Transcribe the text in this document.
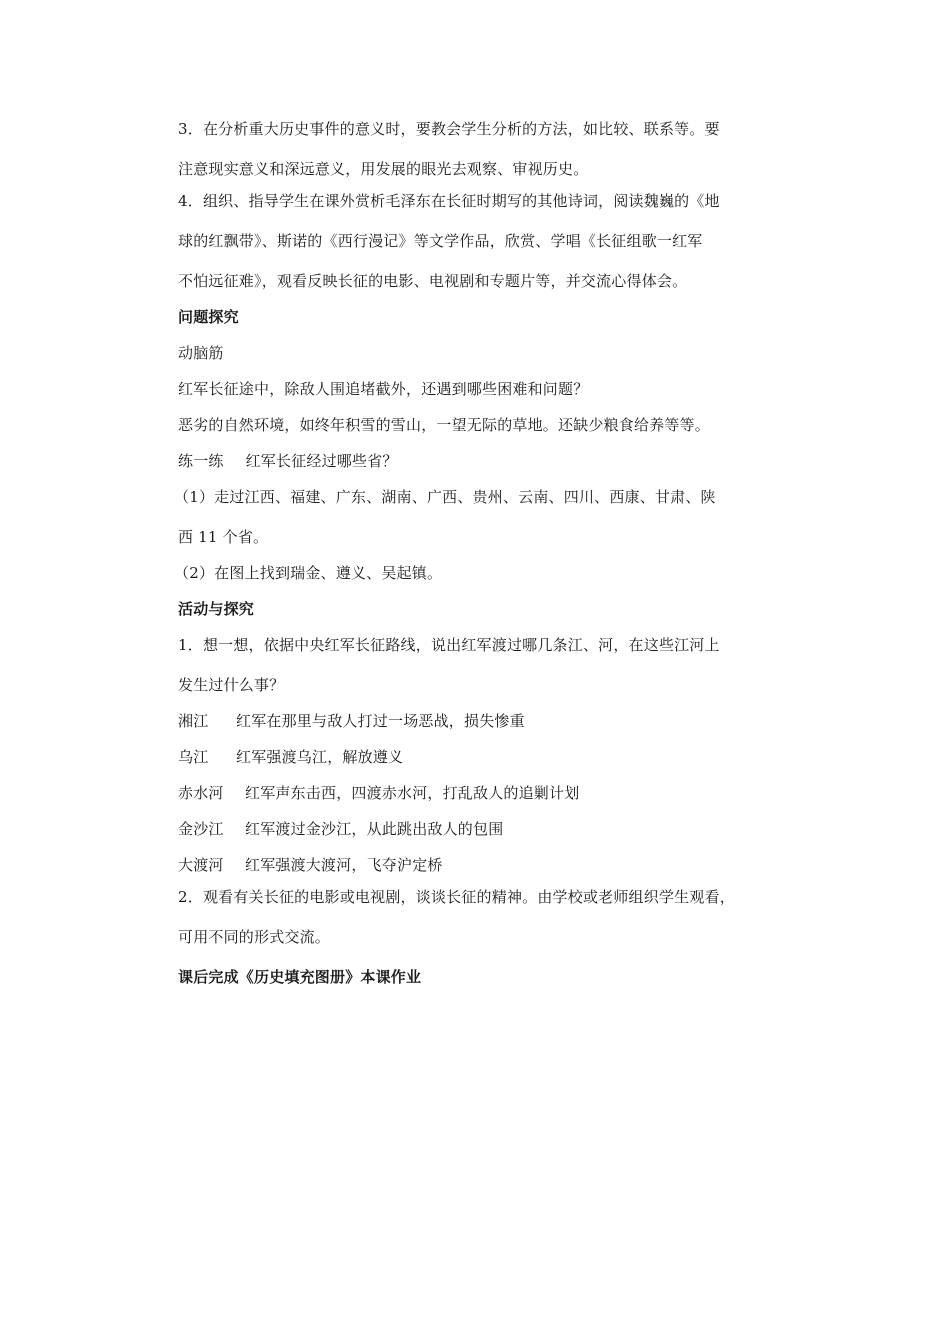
3．在分析重大历史事件的意义时，要教会学生分析的方法，如比较、联系等。要
注意现实意义和深远意义，用发展的眼光去观察、审视历史。
4．组织、指导学生在课外赏析毛泽东在长征时期写的其他诗词，阅读魏巍的《地
球的红飘带》、斯诺的《西行漫记》等文学作品，欣赏、学唱《长征组歌一红军
不怕远征难》，观看反映长征的电影、电视剧和专题片等，并交流心得体会。
问题探究
动脑筋
红军长征途中，除敌人围追堵截外，还遇到哪些困难和问题？
恶劣的自然环境，如终年积雪的雪山，一望无际的草地。还缺少粮食给养等等。
练一练 红军长征经过哪些省？
（1）走过江西、福建、广东、湖南、广西、贵州、云南、四川、西康、甘肃、陕
西 11 个省。
（2）在图上找到瑞金、遵义、吴起镇。
活动与探究
1．想一想，依据中央红军长征路线，说出红军渡过哪几条江、河，在这些江河上
发生过什么事？
湘江 红军在那里与敌人打过一场恶战，损失惨重
乌江 红军强渡乌江，解放遵义
赤水河 红军声东击西，四渡赤水河，打乱敌人的追剿计划
金沙江 红军渡过金沙江，从此跳出敌人的包围
大渡河 红军强渡大渡河，飞夺沪定桥
2．观看有关长征的电影或电视剧，谈谈长征的精神。由学校或老师组织学生观看，
可用不同的形式交流。
课后完成《历史填充图册》本课作业
